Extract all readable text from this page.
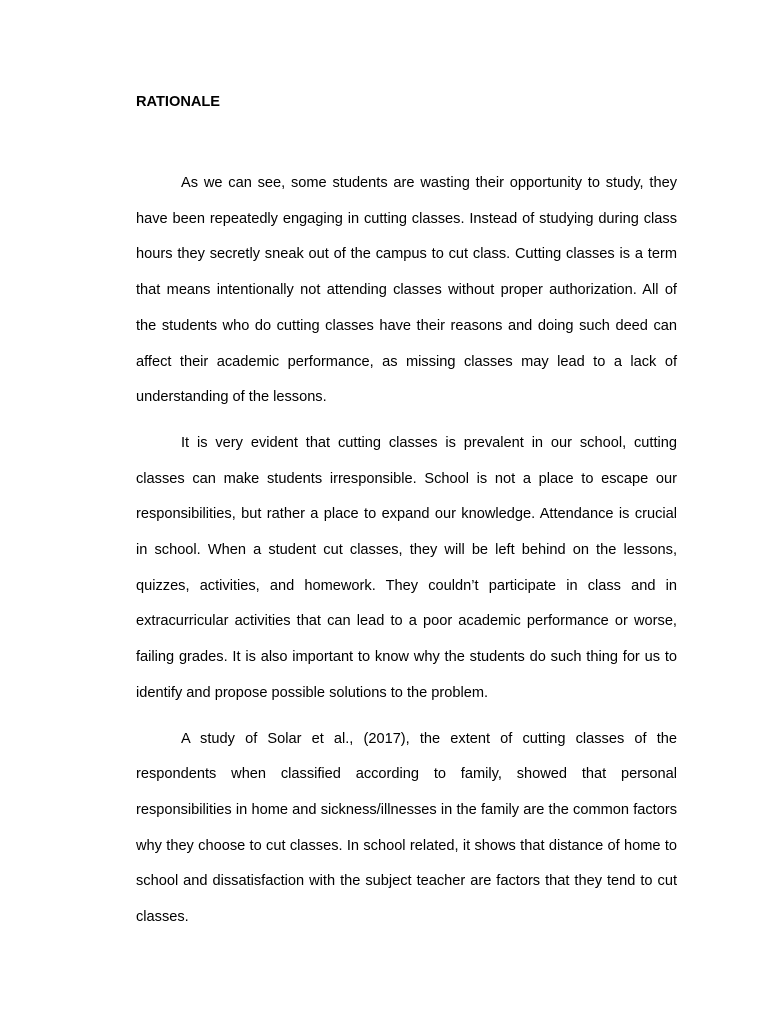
RATIONALE

As we can see, some students are wasting their opportunity to study, they have been repeatedly engaging in cutting classes. Instead of studying during class hours they secretly sneak out of the campus to cut class. Cutting classes is a term that means intentionally not attending classes without proper authorization. All of the students who do cutting classes have their reasons and doing such deed can affect their academic performance, as missing classes may lead to a lack of understanding of the lessons.

It is very evident that cutting classes is prevalent in our school, cutting classes can make students irresponsible. School is not a place to escape our responsibilities, but rather a place to expand our knowledge. Attendance is crucial in school. When a student cut classes, they will be left behind on the lessons, quizzes, activities, and homework. They couldn’t participate in class and in extracurricular activities that can lead to a poor academic performance or worse, failing grades. It is also important to know why the students do such thing for us to identify and propose possible solutions to the problem.

A study of Solar et al., (2017), the extent of cutting classes of the respondents when classified according to family, showed that personal responsibilities in home and sickness/illnesses in the family are the common factors why they choose to cut classes. In school related, it shows that distance of home to school and dissatisfaction with the subject teacher are factors that they tend to cut classes.
